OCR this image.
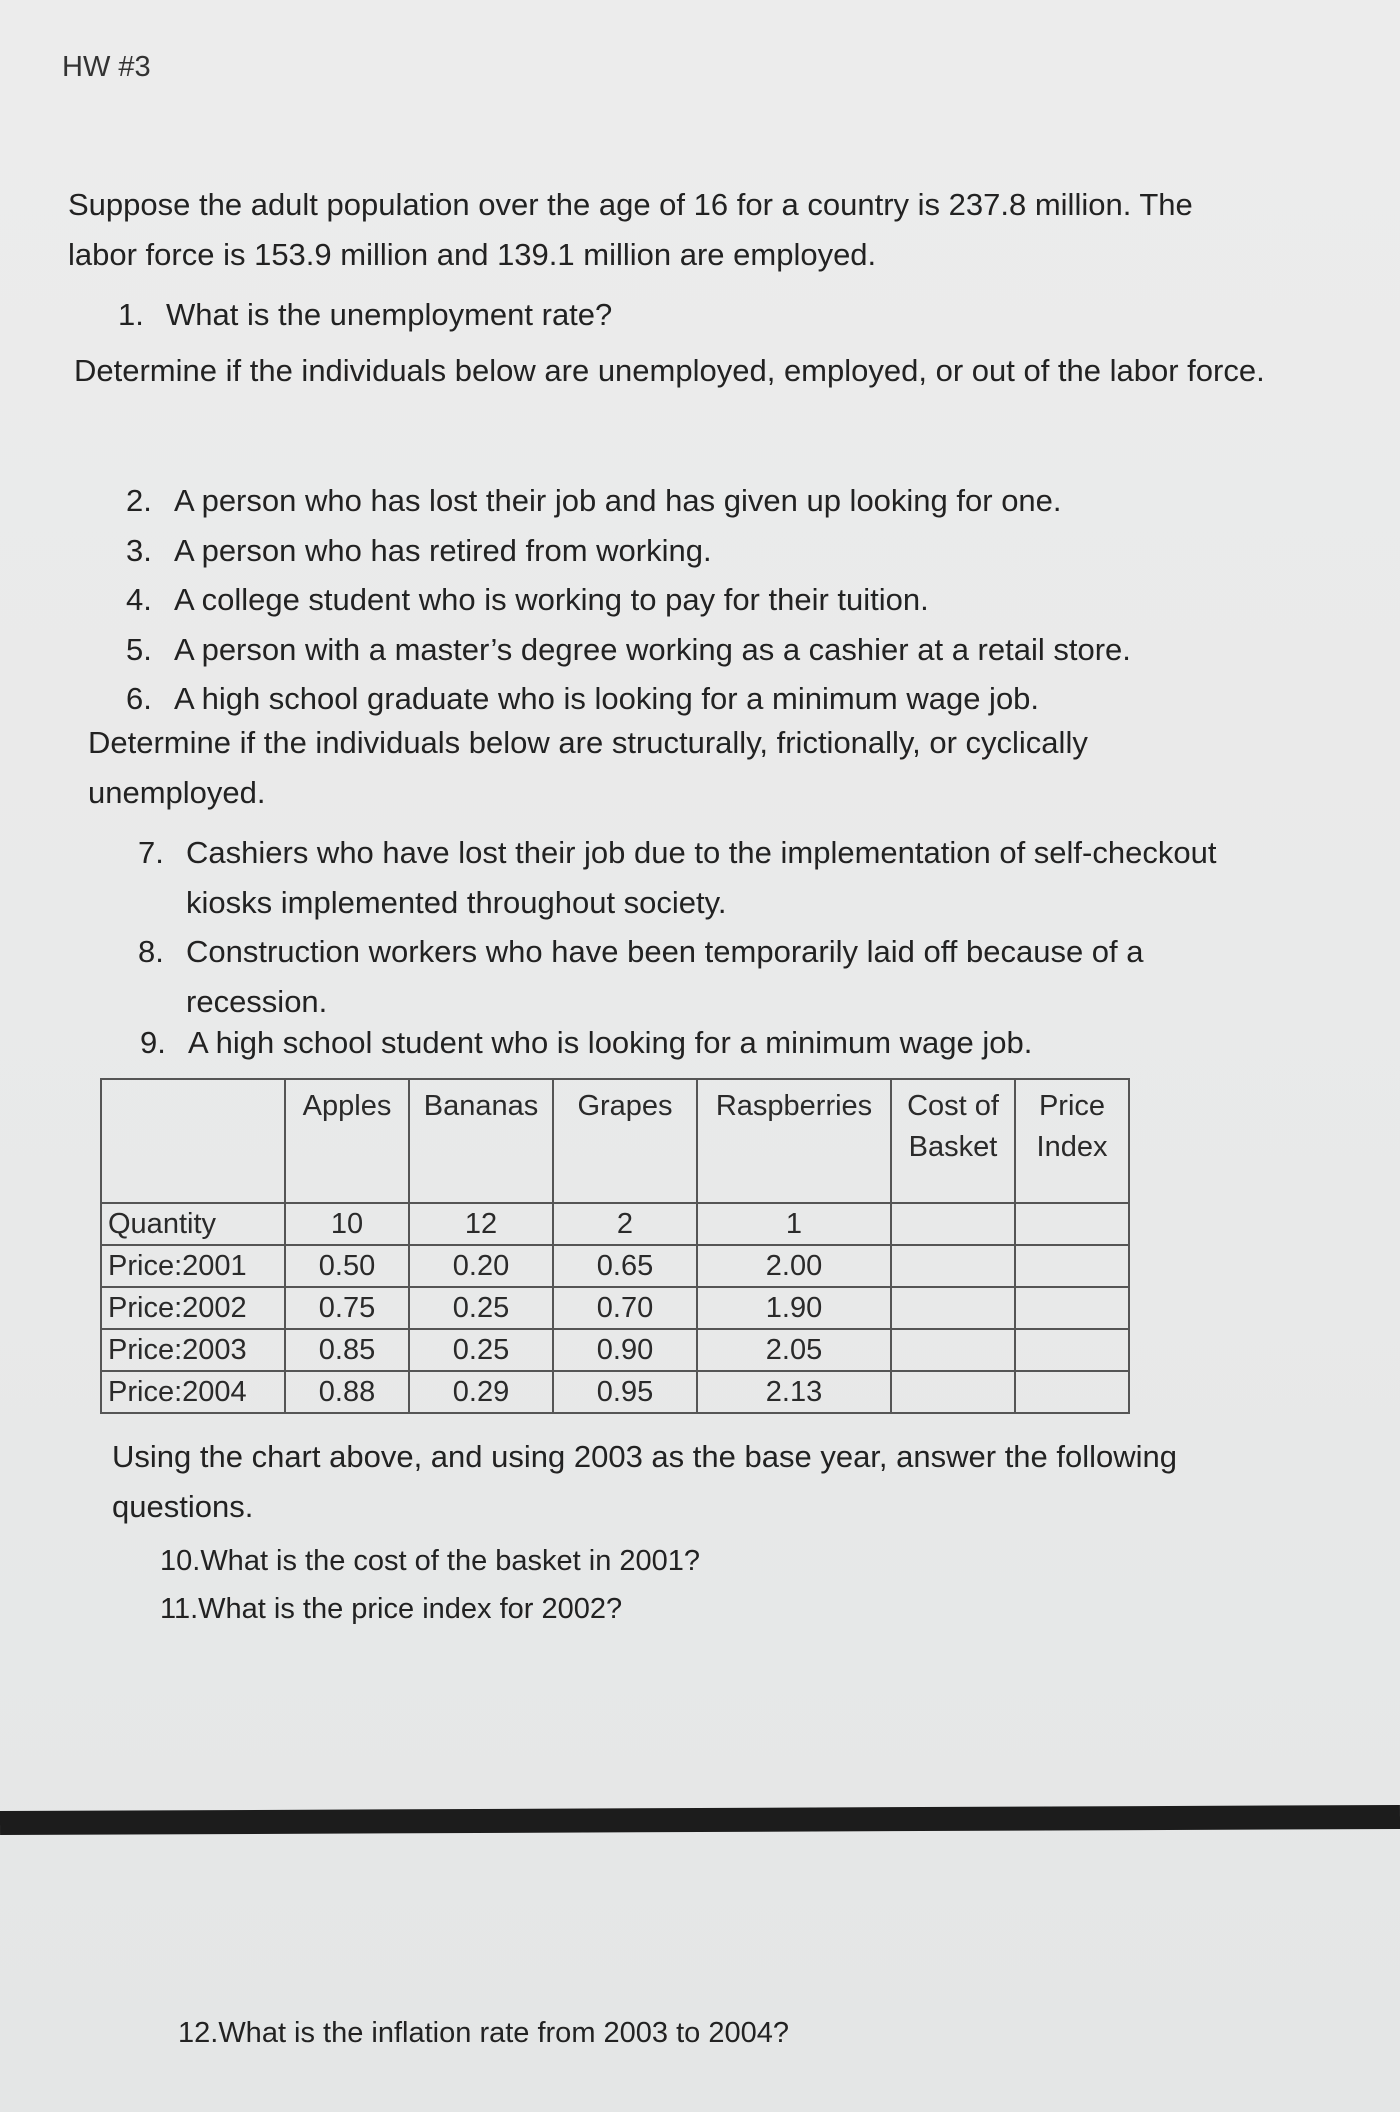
HW #3
Suppose the adult population over the age of 16 for a country is 237.8 million. The labor force is 153.9 million and 139.1 million are employed.
1. What is the unemployment rate?
Determine if the individuals below are unemployed, employed, or out of the labor force.
2. A person who has lost their job and has given up looking for one.
3. A person who has retired from working.
4. A college student who is working to pay for their tuition.
5. A person with a master’s degree working as a cashier at a retail store.
6. A high school graduate who is looking for a minimum wage job.
Determine if the individuals below are structurally, frictionally, or cyclically unemployed.
7. Cashiers who have lost their job due to the implementation of self-checkout kiosks implemented throughout society.
8. Construction workers who have been temporarily laid off because of a recession.
9. A high school student who is looking for a minimum wage job.
	Apples	Bananas	Grapes	Raspberries	Cost of Basket	Price Index
Quantity	10	12	2	1		
Price:2001	0.50	0.20	0.65	2.00		
Price:2002	0.75	0.25	0.70	1.90		
Price:2003	0.85	0.25	0.90	2.05		
Price:2004	0.88	0.29	0.95	2.13		
Using the chart above, and using 2003 as the base year, answer the following questions.
10.What is the cost of the basket in 2001?
11.What is the price index for 2002?
12.What is the inflation rate from 2003 to 2004?
